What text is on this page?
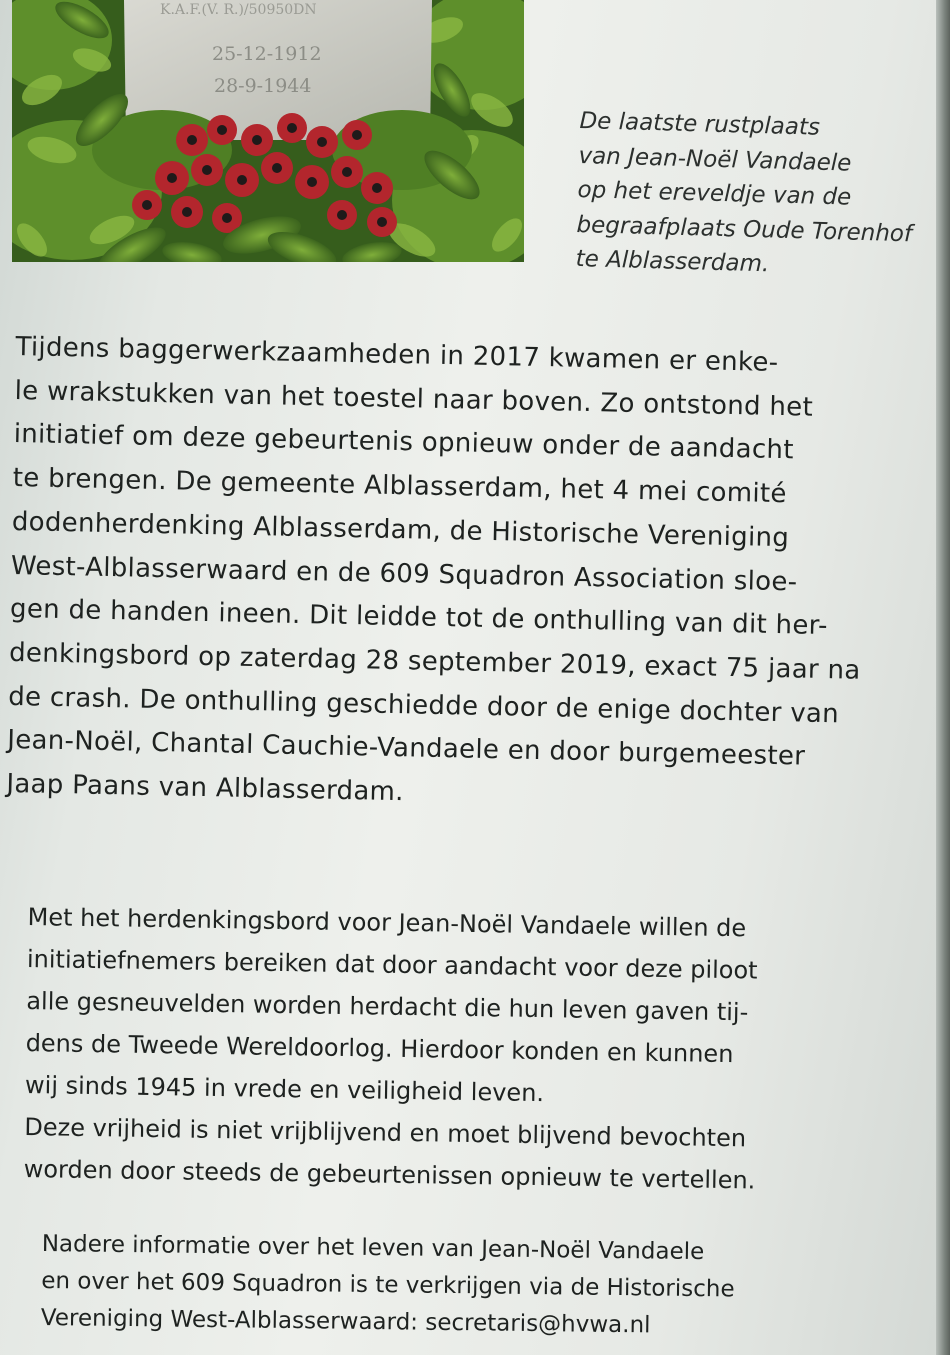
K.A.F.(V. R.)/50950DN
25-12-1912
28-9-1944

De laatste rustplaats
van Jean-Noël Vandaele
op het ereveldje van de
begraafplaats Oude Torenhof
te Alblasserdam.

Tijdens baggerwerkzaamheden in 2017 kwamen er enke-
le wrakstukken van het toestel naar boven. Zo ontstond het
initiatief om deze gebeurtenis opnieuw onder de aandacht
te brengen. De gemeente Alblasserdam, het 4 mei comité
dodenherdenking Alblasserdam, de Historische Vereniging
West-Alblasserwaard en de 609 Squadron Association sloe-
gen de handen ineen. Dit leidde tot de onthulling van dit her-
denkingsbord op zaterdag 28 september 2019, exact 75 jaar na
de crash. De onthulling geschiedde door de enige dochter van
Jean-Noël, Chantal Cauchie-Vandaele en door burgemeester
Jaap Paans van Alblasserdam.

Met het herdenkingsbord voor Jean-Noël Vandaele willen de
initiatiefnemers bereiken dat door aandacht voor deze piloot
alle gesneuvelden worden herdacht die hun leven gaven tij-
dens de Tweede Wereldoorlog. Hierdoor konden en kunnen
wij sinds 1945 in vrede en veiligheid leven.
Deze vrijheid is niet vrijblijvend en moet blijvend bevochten
worden door steeds de gebeurtenissen opnieuw te vertellen.

Nadere informatie over het leven van Jean-Noël Vandaele
en over het 609 Squadron is te verkrijgen via de Historische
Vereniging West-Alblasserwaard: secretaris@hvwa.nl
